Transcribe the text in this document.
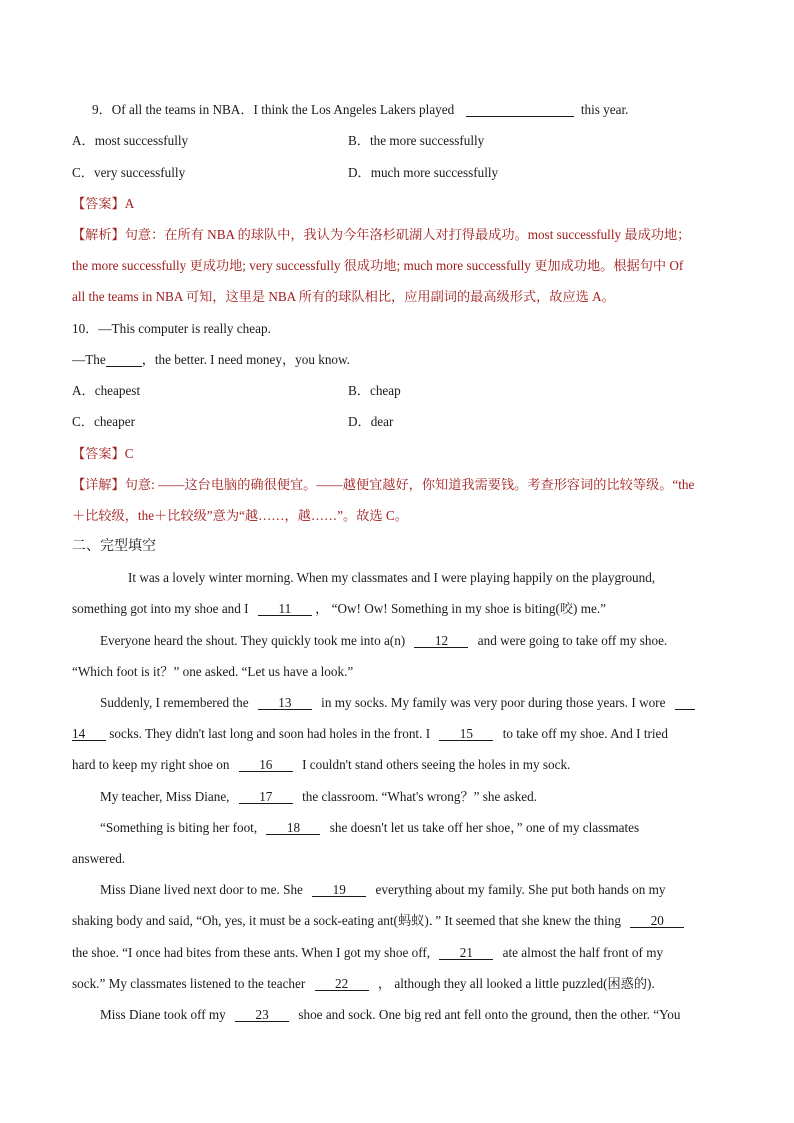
9．Of all the teams in NBA．I think the Los Angeles Lakers played	this year.
A．most successfully	B．the more successfully
C．very successfully	D．much more successfully
【答案】A
【解析】句意：在所有 NBA 的球队中，我认为今年洛杉矶湖人对打得最成功。most successfully 最成功地；
the more successfully 更成功地; very successfully 很成功地; much more successfully 更加成功地。根据句中 Of
all the teams in NBA 可知，这里是 NBA 所有的球队相比，应用副词的最高级形式，故应选 A。
10．—This computer is really cheap.
—The	，the better. I need money，you know.
A．cheapest	B．cheap
C．cheaper	D．dear
【答案】C
【详解】句意: ——这台电脑的确很便宜。——越便宜越好，你知道我需要钱。考查形容词的比较等级。“the
＋比较级，the＋比较级”意为“越……，越……”。故选 C。
二、完型填空
It was a lovely winter morning. When my classmates and I were playing happily on the playground,
something got into my shoe and I 11 ， “Ow! Ow! Something in my shoe is biting(咬) me.”
Everyone heard the shout. They quickly took me into a(n) 12 and were going to take off my shoe.
“Which foot is it？” one asked. “Let us have a look.”
Suddenly, I remembered the 13 in my socks. My family was very poor during those years. I wore
14 socks. They didn't last long and soon had holes in the front. I 15 to take off my shoe. And I tried
hard to keep my right shoe on 16 I couldn't stand others seeing the holes in my sock.
My teacher, Miss Diane, 17 the classroom. “What's wrong？” she asked.
“Something is biting her foot, 18 she doesn't let us take off her shoe，” one of my classmates
answered.
Miss Diane lived next door to me. She 19 everything about my family. She put both hands on my
shaking body and said, “Oh, yes, it must be a sock-eating ant(蚂蚁)．” It seemed that she knew the thing 20
the shoe. “I once had bites from these ants. When I got my shoe off, 21 ate almost the half front of my
sock.” My classmates listened to the teacher 22 ， although they all looked a little puzzled(困惑的).
Miss Diane took off my 23 shoe and sock. One big red ant fell onto the ground, then the other. “You
